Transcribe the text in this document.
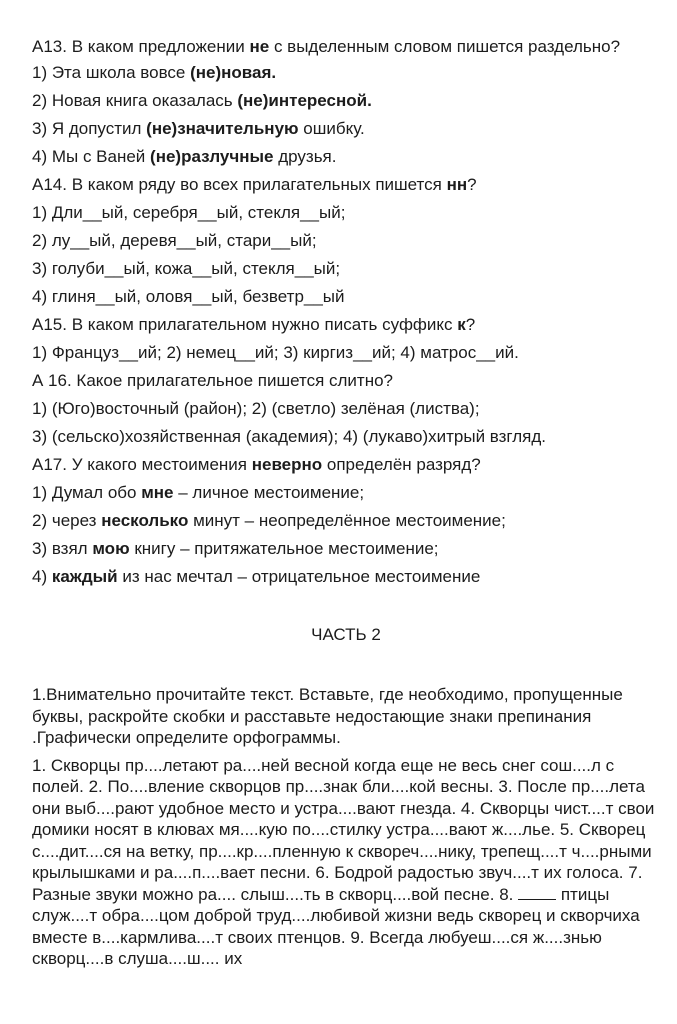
A13. В каком предложении не с выделенным словом пишется раздельно?
1) Эта школа вовсе (не)новая.
2) Новая книга оказалась (не)интересной.
3) Я допустил (не)значительную ошибку.
4) Мы с Ваней (не)разлучные друзья.
А14. В каком ряду во всех прилагательных пишется нн?
1) Дли__ый, серебря__ый, стекля__ый;
2) лу__ый, деревя__ый, стари__ый;
3) голуби__ый, кожа__ый, стекля__ый;
4) глиня__ый, оловя__ый, безветр__ый
А15. В каком прилагательном нужно писать суффикс к?
1) Француз__ий; 2) немец__ий; 3) киргиз__ий; 4) матрос__ий.
А 16. Какое прилагательное пишется слитно?
1) (Юго)восточный (район); 2) (светло) зелёная (листва);
3) (сельско)хозяйственная (академия); 4) (лукаво)хитрый взгляд.
А17. У какого местоимения неверно определён разряд?
1) Думал обо мне – личное местоимение;
2) через несколько минут – неопределённое местоимение;
3) взял мою книгу – притяжательное местоимение;
4) каждый из нас мечтал – отрицательное местоимение
ЧАСТЬ 2
1.Внимательно прочитайте текст. Вставьте, где необходимо, пропущенные буквы, раскройте скобки и расставьте недостающие знаки препинания .Графически определите орфограммы.
1. Скворцы пр....летают ра....ней весной когда еще не весь снег сош....л с полей. 2. По....вление скворцов пр....знак бли....кой весны. 3. После пр....лета они выб....рают удобное место и устра....вают гнезда. 4. Скворцы чист....т свои домики носят в клювах мя....кую по....стилку устра....вают ж....лье. 5. Скворец с....дит....ся на ветку, пр....кр....пленную к сквореч....нику, трепещ....т ч....рными крылышками и ра....п....вает песни. 6. Бодрой радостью звуч....т их голоса. 7. Разные звуки можно ра.... слыш....ть в скворц....вой песне. 8.  птицы служ....т обра....цом доброй труд....любивой жизни ведь скворец и скворчиха вместе в....кармлива....т своих птенцов. 9. Всегда любуеш....ся ж....знью скворц....в слуша....ш.... их
